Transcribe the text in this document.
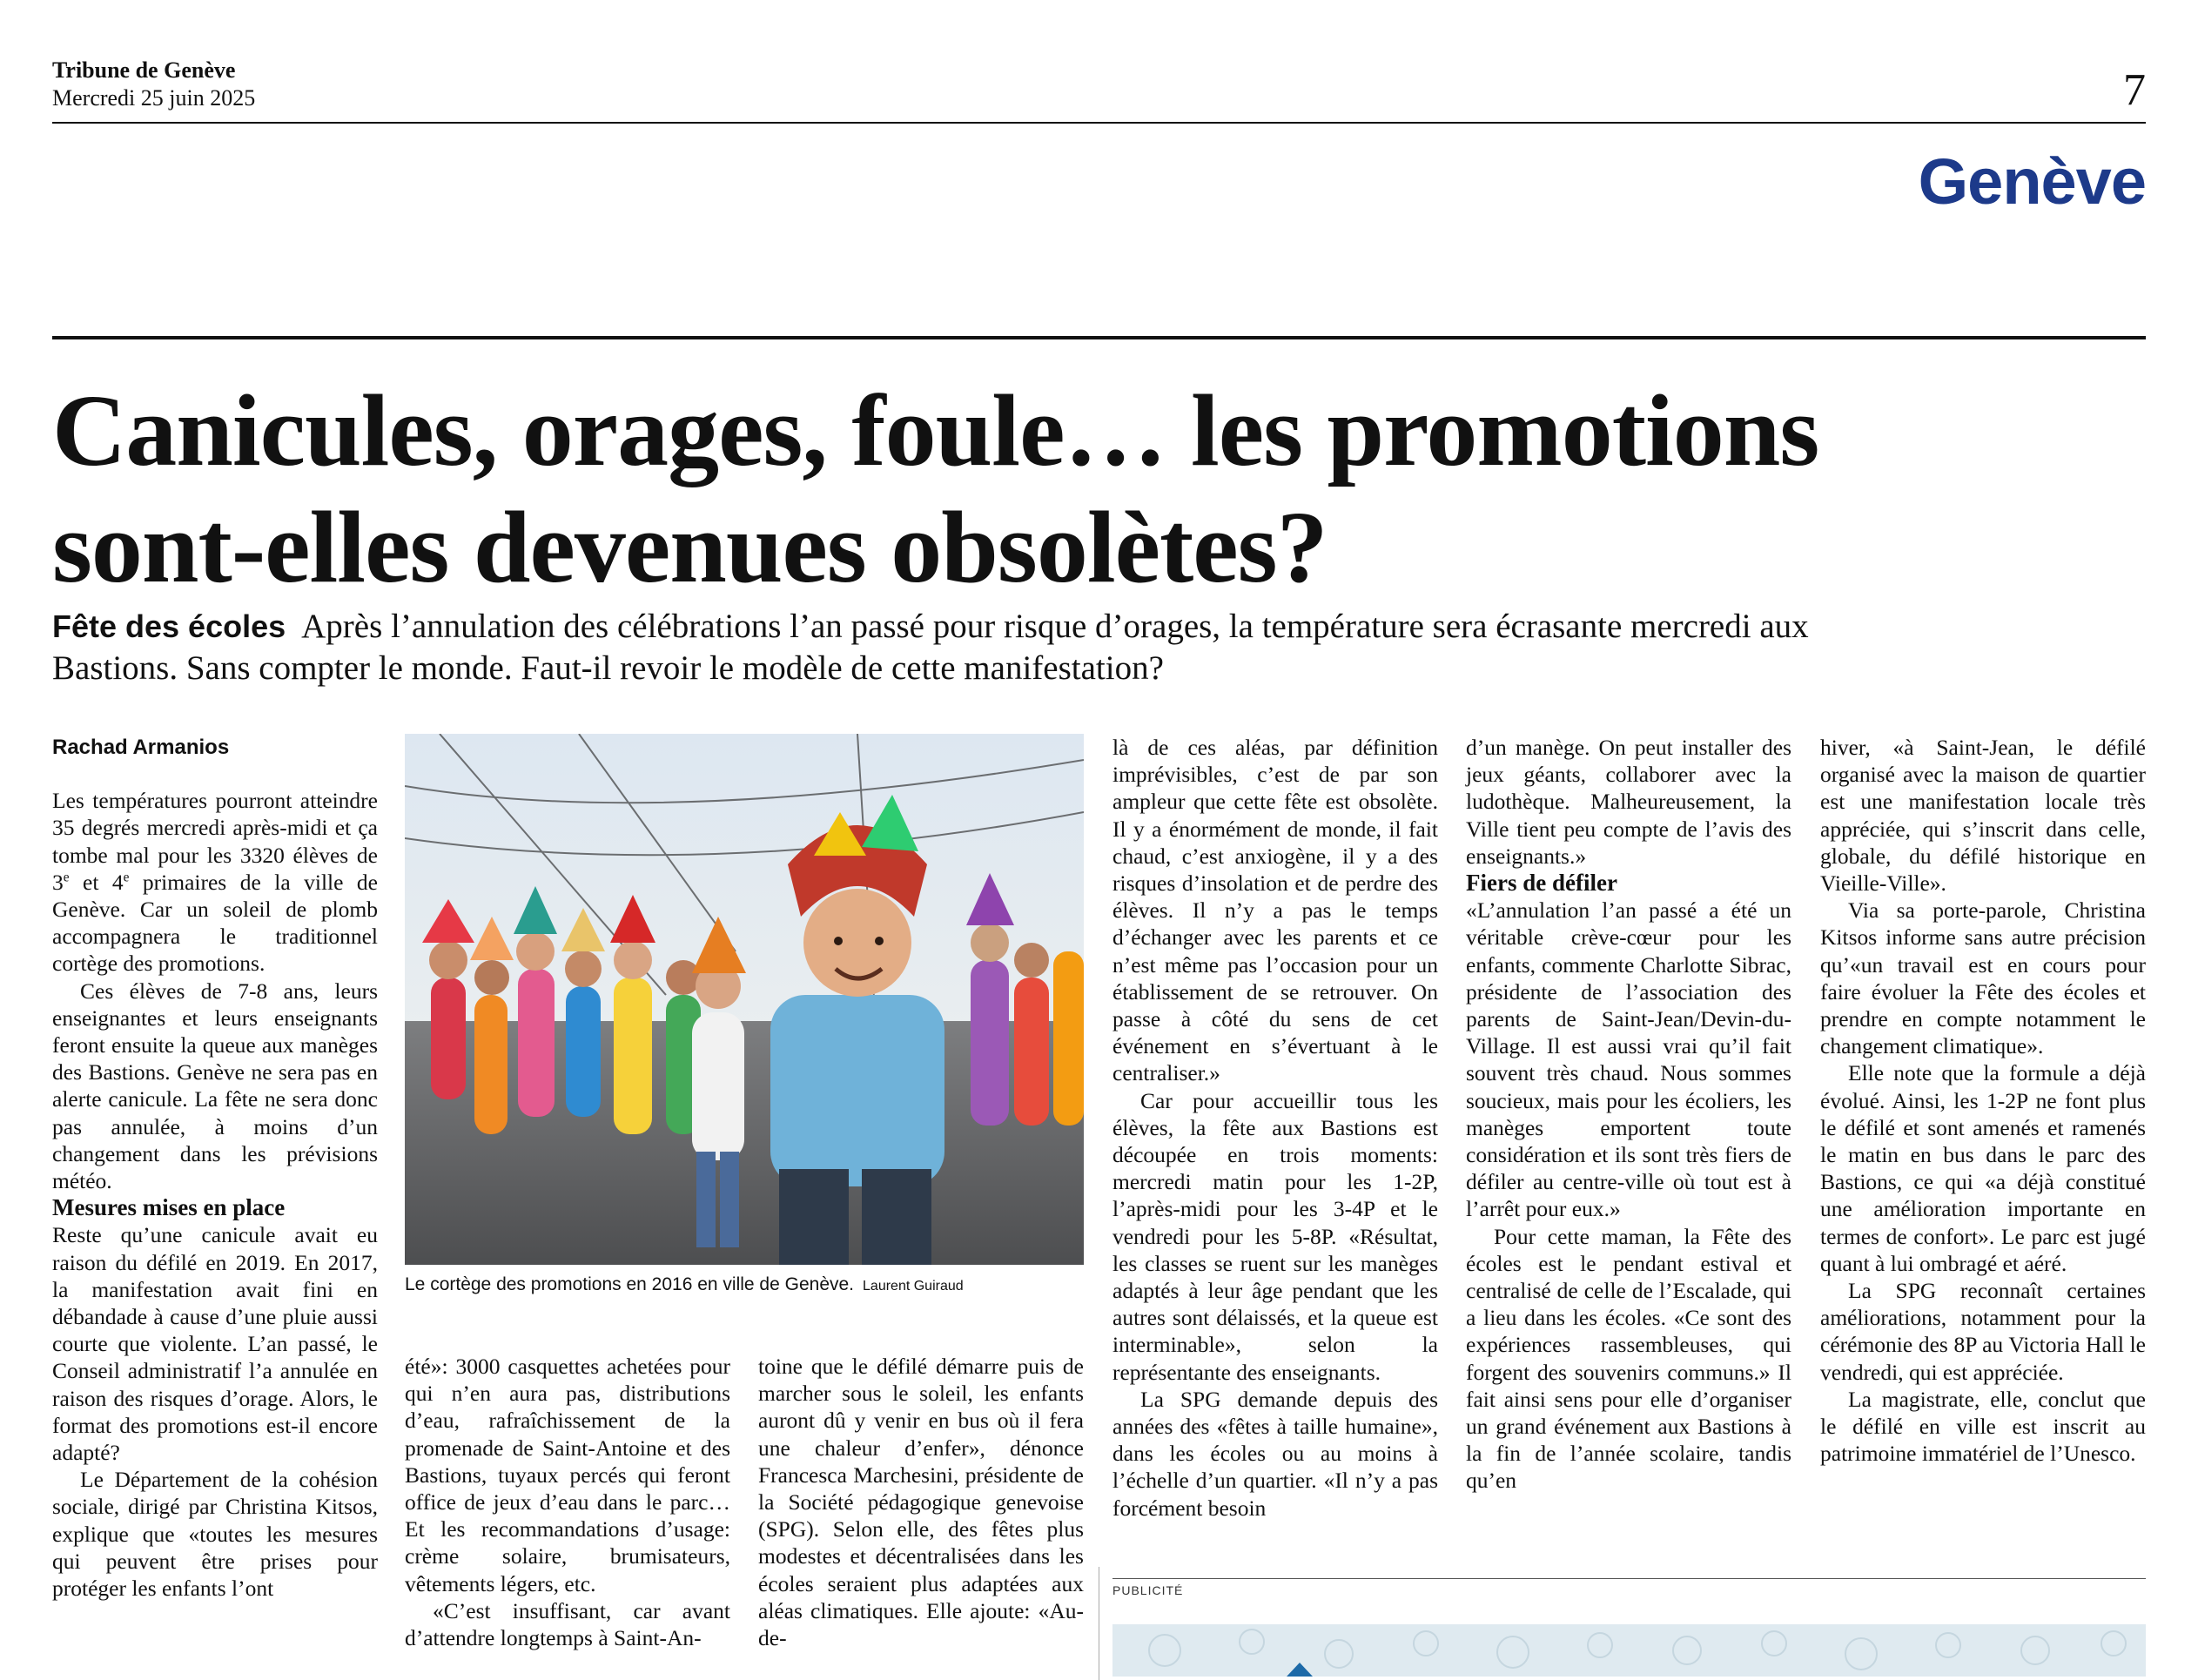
Tribune de Genève
Mercredi 25 juin 2025	7
Genève
Canicules, orages, foule… les promotions
sont-elles devenues obsolètes?
Fête des écoles Après l’annulation des célébrations l’an passé pour risque d’orages, la température sera écrasante mercredi aux Bastions. Sans compter le monde. Faut-il revoir le modèle de cette manifestation?

Rachad Armanios

Les températures pourront atteindre 35 degrés mercredi après-midi et ça tombe mal pour les 3320 élèves de 3e et 4e primaires de la ville de Genève. Car un soleil de plomb accompagnera le traditionnel cortège des promotions.

Ces élèves de 7-8 ans, leurs enseignantes et leurs enseignants feront ensuite la queue aux manèges des Bastions. Genève ne sera pas en alerte canicule. La fête ne sera donc pas annulée, à moins d’un changement dans les prévisions météo.

Mesures mises en place

Reste qu’une canicule avait eu raison du défilé en 2019. En 2017, la manifestation avait fini en débandade à cause d’une pluie aussi courte que violente. L’an passé, le Conseil administratif l’a annulée en raison des risques d’orage. Alors, le format des promotions est-il encore adapté?

Le Département de la cohésion sociale, dirigé par Christina Kitsos, explique que «toutes les mesures qui peuvent être prises pour protéger les enfants l’ont

Le cortège des promotions en 2016 en ville de Genève. Laurent Guiraud

été»: 3000 casquettes achetées pour qui n’en aura pas, distributions d’eau, rafraîchissement de la promenade de Saint-Antoine et des Bastions, tuyaux percés qui feront office de jeux d’eau dans le parc… Et les recommandations d’usage: crème solaire, brumisateurs, vêtements légers, etc.

«C’est insuffisant, car avant d’attendre longtemps à Saint-An-

toine que le défilé démarre puis de marcher sous le soleil, les enfants auront dû y venir en bus où il fera une chaleur d’enfer», dénonce Francesca Marchesini, présidente de la Société pédagogique genevoise (SPG). Selon elle, des fêtes plus modestes et décentralisées dans les écoles seraient plus adaptées aux aléas climatiques. Elle ajoute: «Au-de-

là de ces aléas, par définition imprévisibles, c’est de par son ampleur que cette fête est obsolète. Il y a énormément de monde, il fait chaud, c’est anxiogène, il y a des risques d’insolation et de perdre des élèves. Il n’y a pas le temps d’échanger avec les parents et ce n’est même pas l’occasion pour un établissement de se retrouver. On passe à côté du sens de cet événement en s’évertuant à le centraliser.»

Car pour accueillir tous les élèves, la fête aux Bastions est découpée en trois moments: mercredi matin pour les 1-2P, l’après-midi pour les 3-4P et le vendredi pour les 5-8P. «Résultat, les classes se ruent sur les manèges adaptés à leur âge pendant que les autres sont délaissés, et la queue est interminable», selon la représentante des enseignants.

La SPG demande depuis des années des «fêtes à taille humaine», dans les écoles ou au moins à l’échelle d’un quartier. «Il n’y a pas forcément besoin

d’un manège. On peut installer des jeux géants, collaborer avec la ludothèque. Malheureusement, la Ville tient peu compte de l’avis des enseignants.»

Fiers de défiler

«L’annulation l’an passé a été un véritable crève-cœur pour les enfants, commente Charlotte Sibrac, présidente de l’association des parents de Saint-Jean/Devin-du-Village. Il est aussi vrai qu’il fait souvent très chaud. Nous sommes soucieux, mais pour les écoliers, les manèges emportent toute considération et ils sont très fiers de défiler au centre-ville où tout est à l’arrêt pour eux.»

Pour cette maman, la Fête des écoles est le pendant estival et centralisé de celle de l’Escalade, qui a lieu dans les écoles. «Ce sont des expériences rassembleuses, qui forgent des souvenirs communs.» Il fait ainsi sens pour elle d’organiser un grand événement aux Bastions à la fin de l’année scolaire, tandis qu’en

hiver, «à Saint-Jean, le défilé organisé avec la maison de quartier est une manifestation locale très appréciée, qui s’inscrit dans celle, globale, du défilé historique en Vieille-Ville».

Via sa porte-parole, Christina Kitsos informe sans autre précision qu’«un travail est en cours pour faire évoluer la Fête des écoles et prendre en compte notamment le changement climatique».

Elle note que la formule a déjà évolué. Ainsi, les 1-2P ne font plus le défilé et sont amenés et ramenés le matin en bus dans le parc des Bastions, ce qui «a déjà constitué une amélioration importante en termes de confort». Le parc est jugé quant à lui ombragé et aéré.

La SPG reconnaît certaines améliorations, notamment pour la cérémonie des 8P au Victoria Hall le vendredi, qui est appréciée.

La magistrate, elle, conclut que le défilé en ville est inscrit au patrimoine immatériel de l’Unesco.

PUBLICITÉ
